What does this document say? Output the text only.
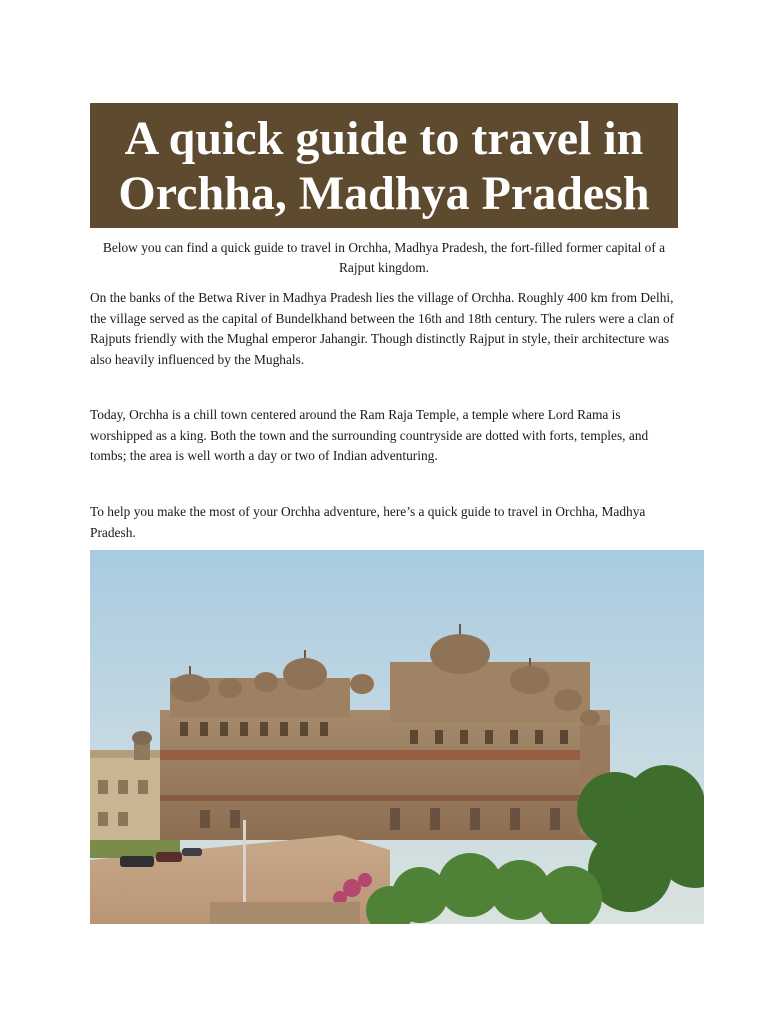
A quick guide to travel in
Orchha, Madhya Pradesh
Below you can find a quick guide to travel in Orchha, Madhya Pradesh, the fort-filled former capital of a Rajput kingdom.

On the banks of the Betwa River in Madhya Pradesh lies the village of Orchha. Roughly 400 km from Delhi, the village served as the capital of Bundelkhand between the 16th and 18th century. The rulers were a clan of Rajputs friendly with the Mughal emperor Jahangir. Though distinctly Rajput in style, their architecture was also heavily influenced by the Mughals.

Today, Orchha is a chill town centered around the Ram Raja Temple, a temple where Lord Rama is worshipped as a king. Both the town and the surrounding countryside are dotted with forts, temples, and tombs; the area is well worth a day or two of Indian adventuring.

To help you make the most of your Orchha adventure, here’s a quick guide to travel in Orchha, Madhya Pradesh.
